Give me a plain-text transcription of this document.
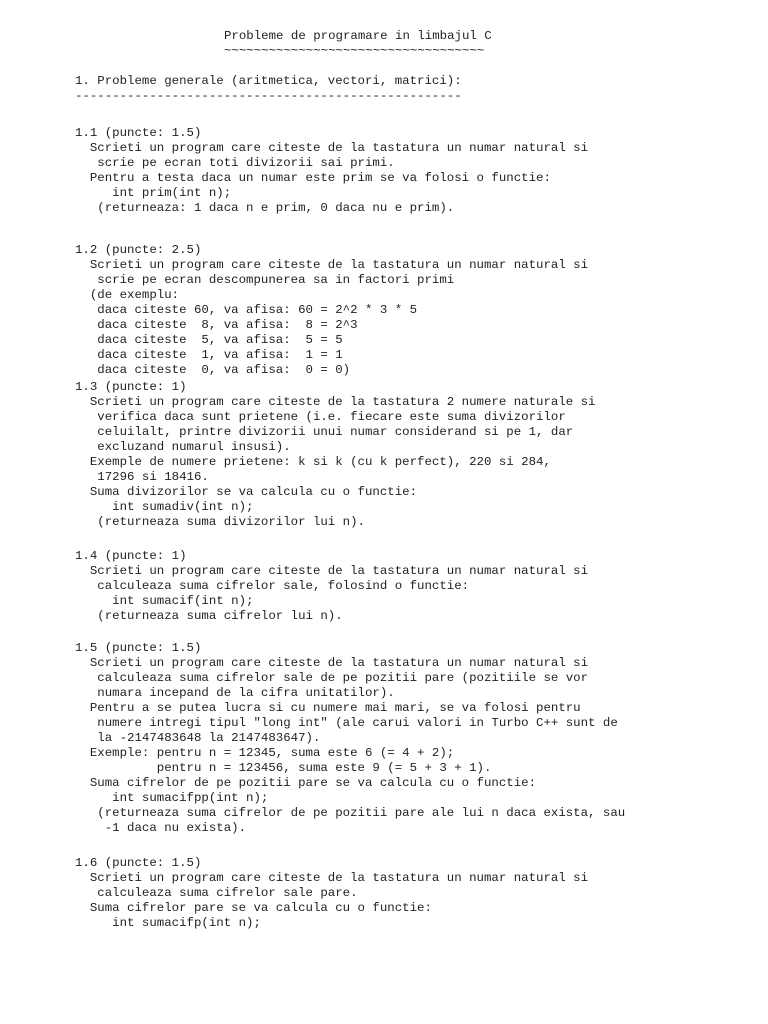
Probleme de programare in limbajul C

~~~~~~~~~~~~~~~~~~~~~~~~~~~~~~~~~~~

1. Probleme generale (aritmetica, vectori, matrici):

----------------------------------------------------

1.1 (puncte: 1.5)

Scrieti un program care citeste de la tastatura un numar natural si

scrie pe ecran toti divizorii sai primi.

Pentru a testa daca un numar este prim se va folosi o functie:

int prim(int n);

(returneaza: 1 daca n e prim, 0 daca nu e prim).

1.2 (puncte: 2.5)

Scrieti un program care citeste de la tastatura un numar natural si

scrie pe ecran descompunerea sa in factori primi

(de exemplu:

daca citeste 60, va afisa: 60 = 2^2 * 3 * 5

daca citeste  8, va afisa:  8 = 2^3

daca citeste  5, va afisa:  5 = 5

daca citeste  1, va afisa:  1 = 1

daca citeste  0, va afisa:  0 = 0)

1.3 (puncte: 1)

Scrieti un program care citeste de la tastatura 2 numere naturale si

verifica daca sunt prietene (i.e. fiecare este suma divizorilor

celuilalt, printre divizorii unui numar considerand si pe 1, dar

excluzand numarul insusi).

Exemple de numere prietene: k si k (cu k perfect), 220 si 284,

17296 si 18416.

Suma divizorilor se va calcula cu o functie:

int sumadiv(int n);

(returneaza suma divizorilor lui n).

1.4 (puncte: 1)

Scrieti un program care citeste de la tastatura un numar natural si

calculeaza suma cifrelor sale, folosind o functie:

int sumacif(int n);

(returneaza suma cifrelor lui n).

1.5 (puncte: 1.5)

Scrieti un program care citeste de la tastatura un numar natural si

calculeaza suma cifrelor sale de pe pozitii pare (pozitiile se vor

numara incepand de la cifra unitatilor).

Pentru a se putea lucra si cu numere mai mari, se va folosi pentru

numere intregi tipul "long int" (ale carui valori in Turbo C++ sunt de

la -2147483648 la 2147483647).

Exemple: pentru n = 12345, suma este 6 (= 4 + 2);

pentru n = 123456, suma este 9 (= 5 + 3 + 1).

Suma cifrelor de pe pozitii pare se va calcula cu o functie:

int sumacifpp(int n);

(returneaza suma cifrelor de pe pozitii pare ale lui n daca exista, sau

-1 daca nu exista).

1.6 (puncte: 1.5)

Scrieti un program care citeste de la tastatura un numar natural si

calculeaza suma cifrelor sale pare.

Suma cifrelor pare se va calcula cu o functie:

int sumacifp(int n);
